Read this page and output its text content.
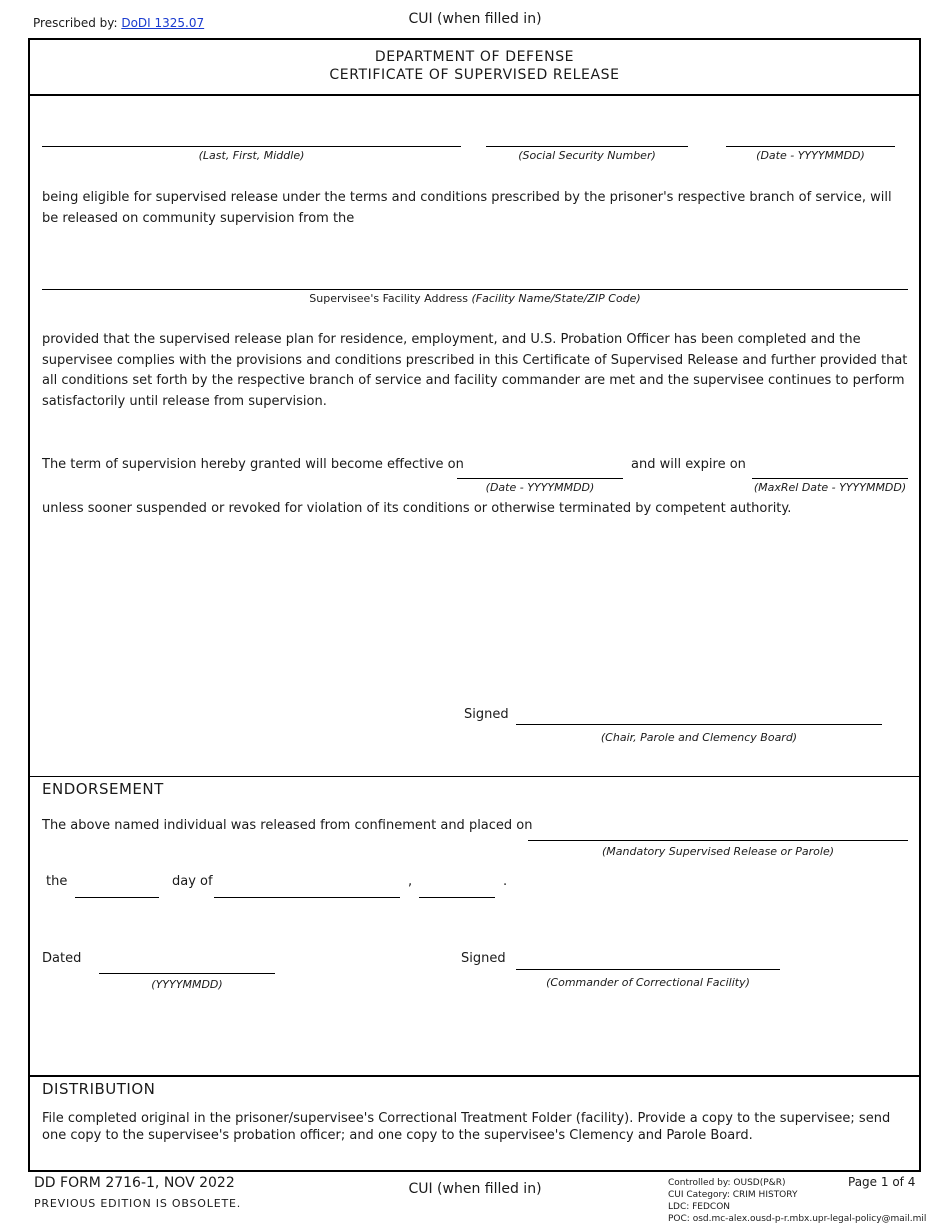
Prescribed by: DoDI 1325.07	CUI (when filled in)
DEPARTMENT OF DEFENSE
CERTIFICATE OF SUPERVISED RELEASE
(Last, First, Middle)	(Social Security Number)	(Date - YYYYMMDD)
being eligible for supervised release under the terms and conditions prescribed by the prisoner's respective branch of service, will be released on community supervision from the
Supervisee's Facility Address (Facility Name/State/ZIP Code)
provided that the supervised release plan for residence, employment, and U.S. Probation Officer has been completed and the supervisee complies with the provisions and conditions prescribed in this Certificate of Supervised Release and further provided that all conditions set forth by the respective branch of service and facility commander are met and the supervisee continues to perform satisfactorily until release from supervision.
The term of supervision hereby granted will become effective on
(Date - YYYYMMDD)
and will expire on
(MaxRel Date - YYYYMMDD)
unless sooner suspended or revoked for violation of its conditions or otherwise terminated by competent authority.
Signed
(Chair, Parole and Clemency Board)
ENDORSEMENT
The above named individual was released from confinement and placed on
(Mandatory Supervised Release or Parole)
the	day of	,	.
Dated
(YYYYMMDD)
Signed
(Commander of Correctional Facility)
DISTRIBUTION
File completed original in the prisoner/supervisee's Correctional Treatment Folder (facility). Provide a copy to the supervisee; send one copy to the supervisee's probation officer; and one copy to the supervisee's Clemency and Parole Board.
DD FORM 2716-1, NOV 2022
PREVIOUS EDITION IS OBSOLETE.
CUI (when filled in)	Controlled by: OUSD(P&R)
CUI Category: CRIM HISTORY
LDC: FEDCON
POC: osd.mc-alex.ousd-p-r.mbx.upr-legal-policy@mail.mil
Page 1 of 4
